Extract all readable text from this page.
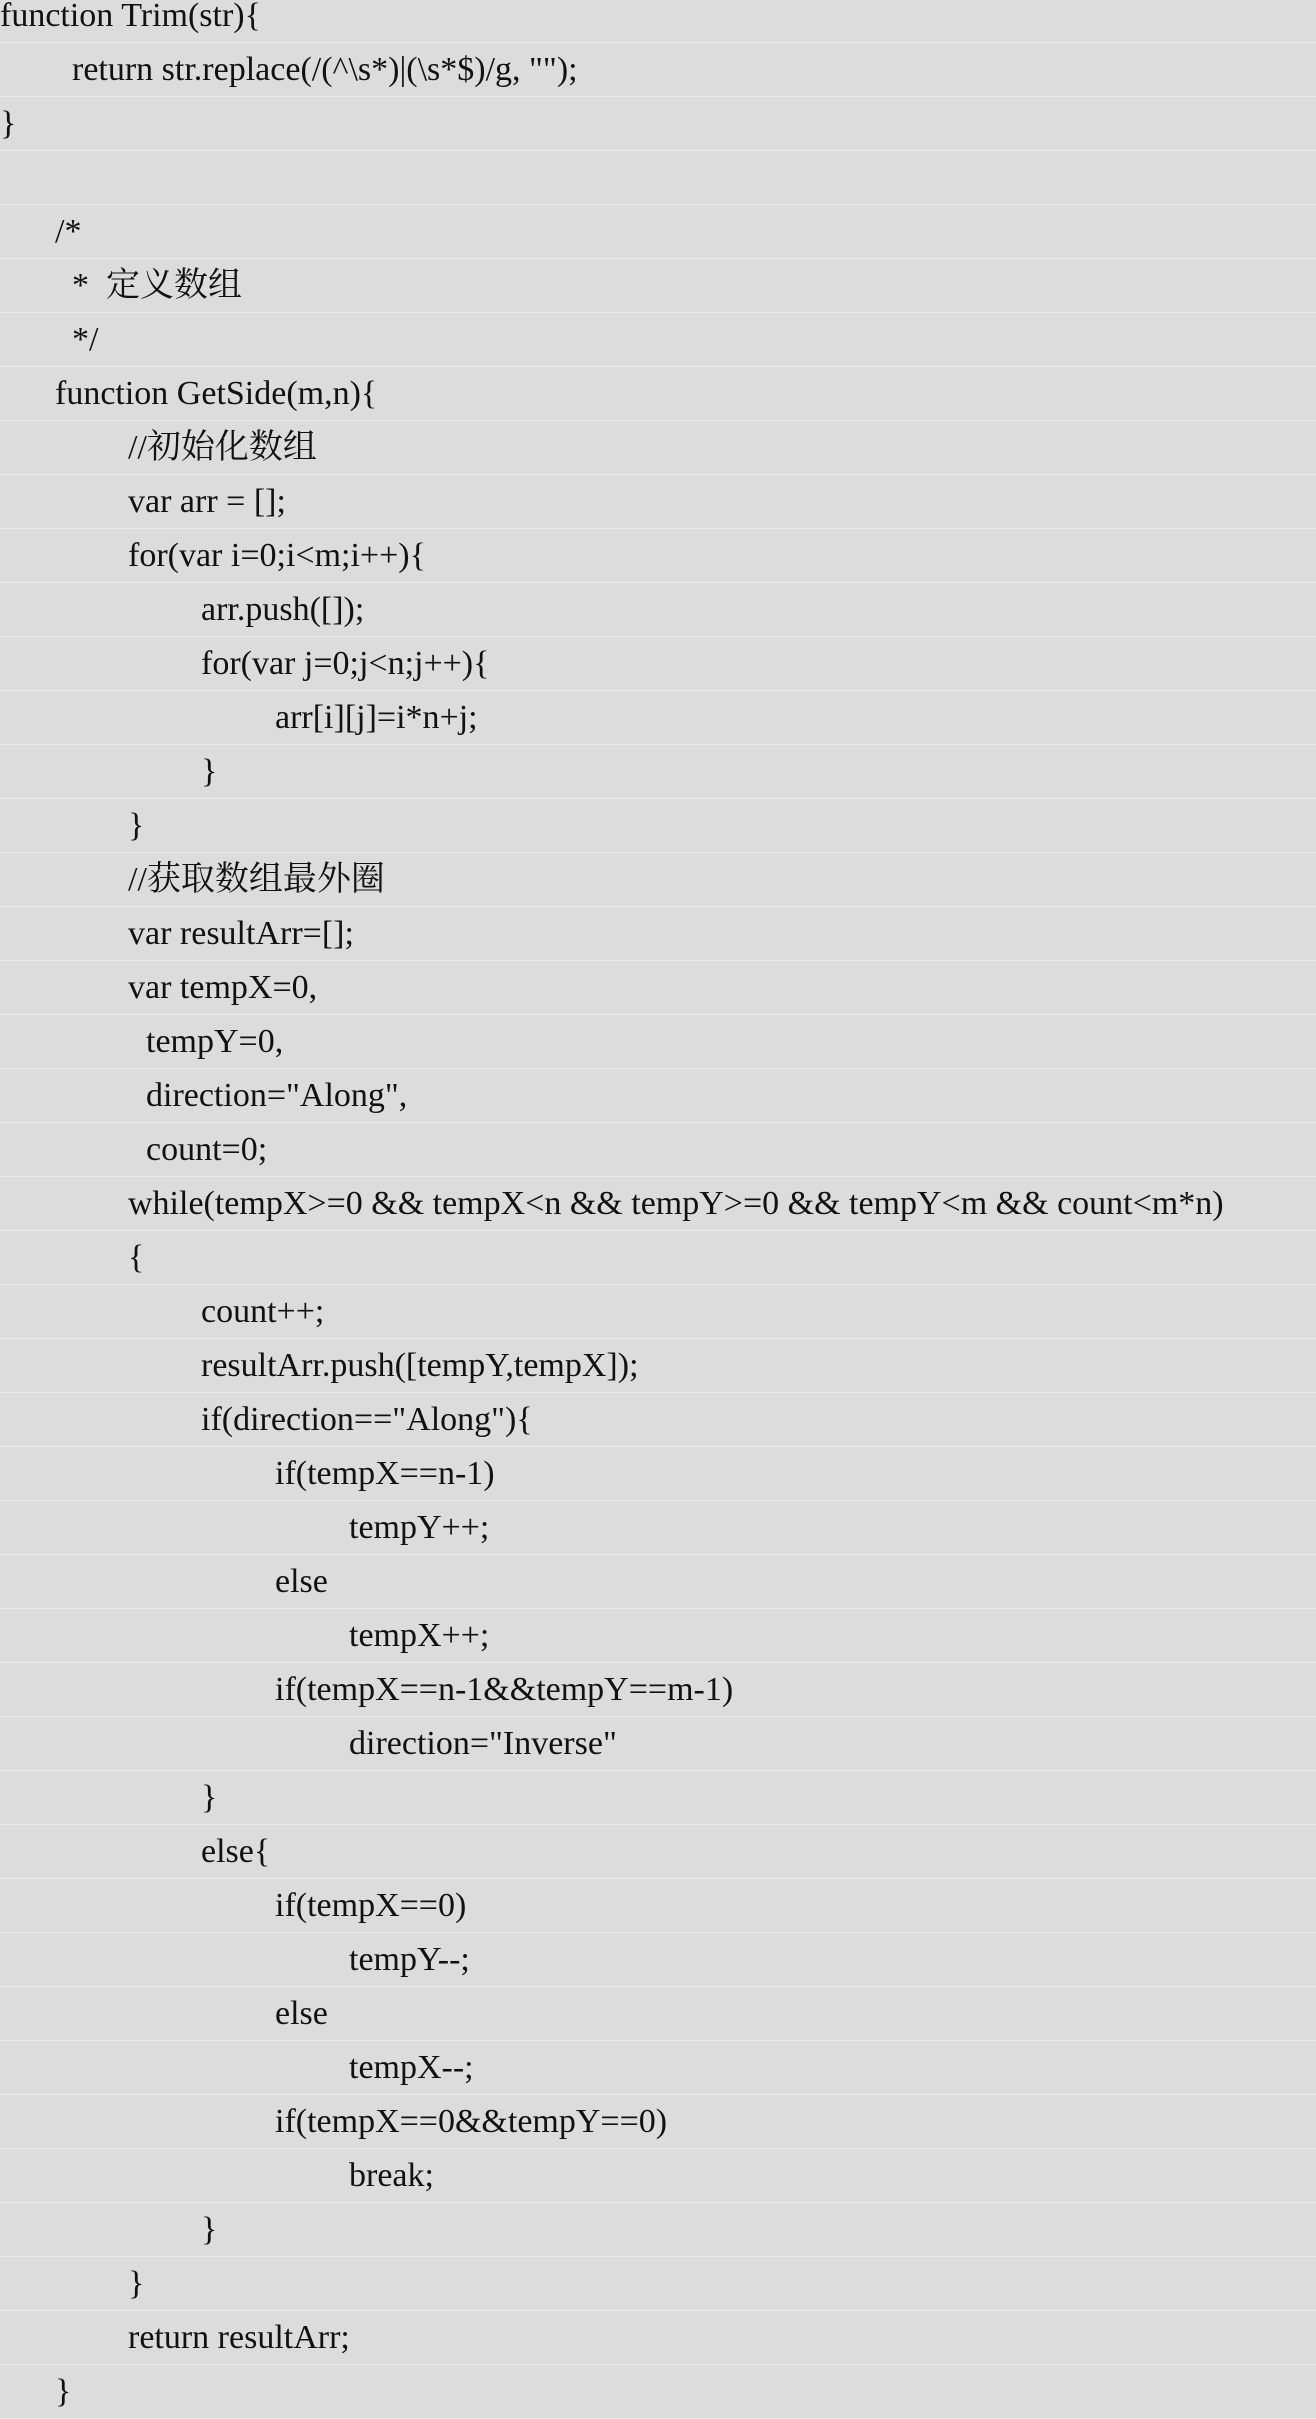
function Trim(str){
return str.replace(/(^\s*)|(\s*$)/g, "");
}
/*
*  定义数组
*/
function GetSide(m,n){
//初始化数组
var arr = [];
for(var i=0;i<m;i++){
arr.push([]);
for(var j=0;j<n;j++){
arr[i][j]=i*n+j;
}
}
//获取数组最外圈
var resultArr=[];
var tempX=0,
tempY=0,
direction="Along",
count=0;
while(tempX>=0 && tempX<n && tempY>=0 && tempY<m && count<m*n)
{
count++;
resultArr.push([tempY,tempX]);
if(direction=="Along"){
if(tempX==n-1)
tempY++;
else
tempX++;
if(tempX==n-1&&tempY==m-1)
direction="Inverse"
}
else{
if(tempX==0)
tempY--;
else
tempX--;
if(tempX==0&&tempY==0)
break;
}
}
return resultArr;
}
